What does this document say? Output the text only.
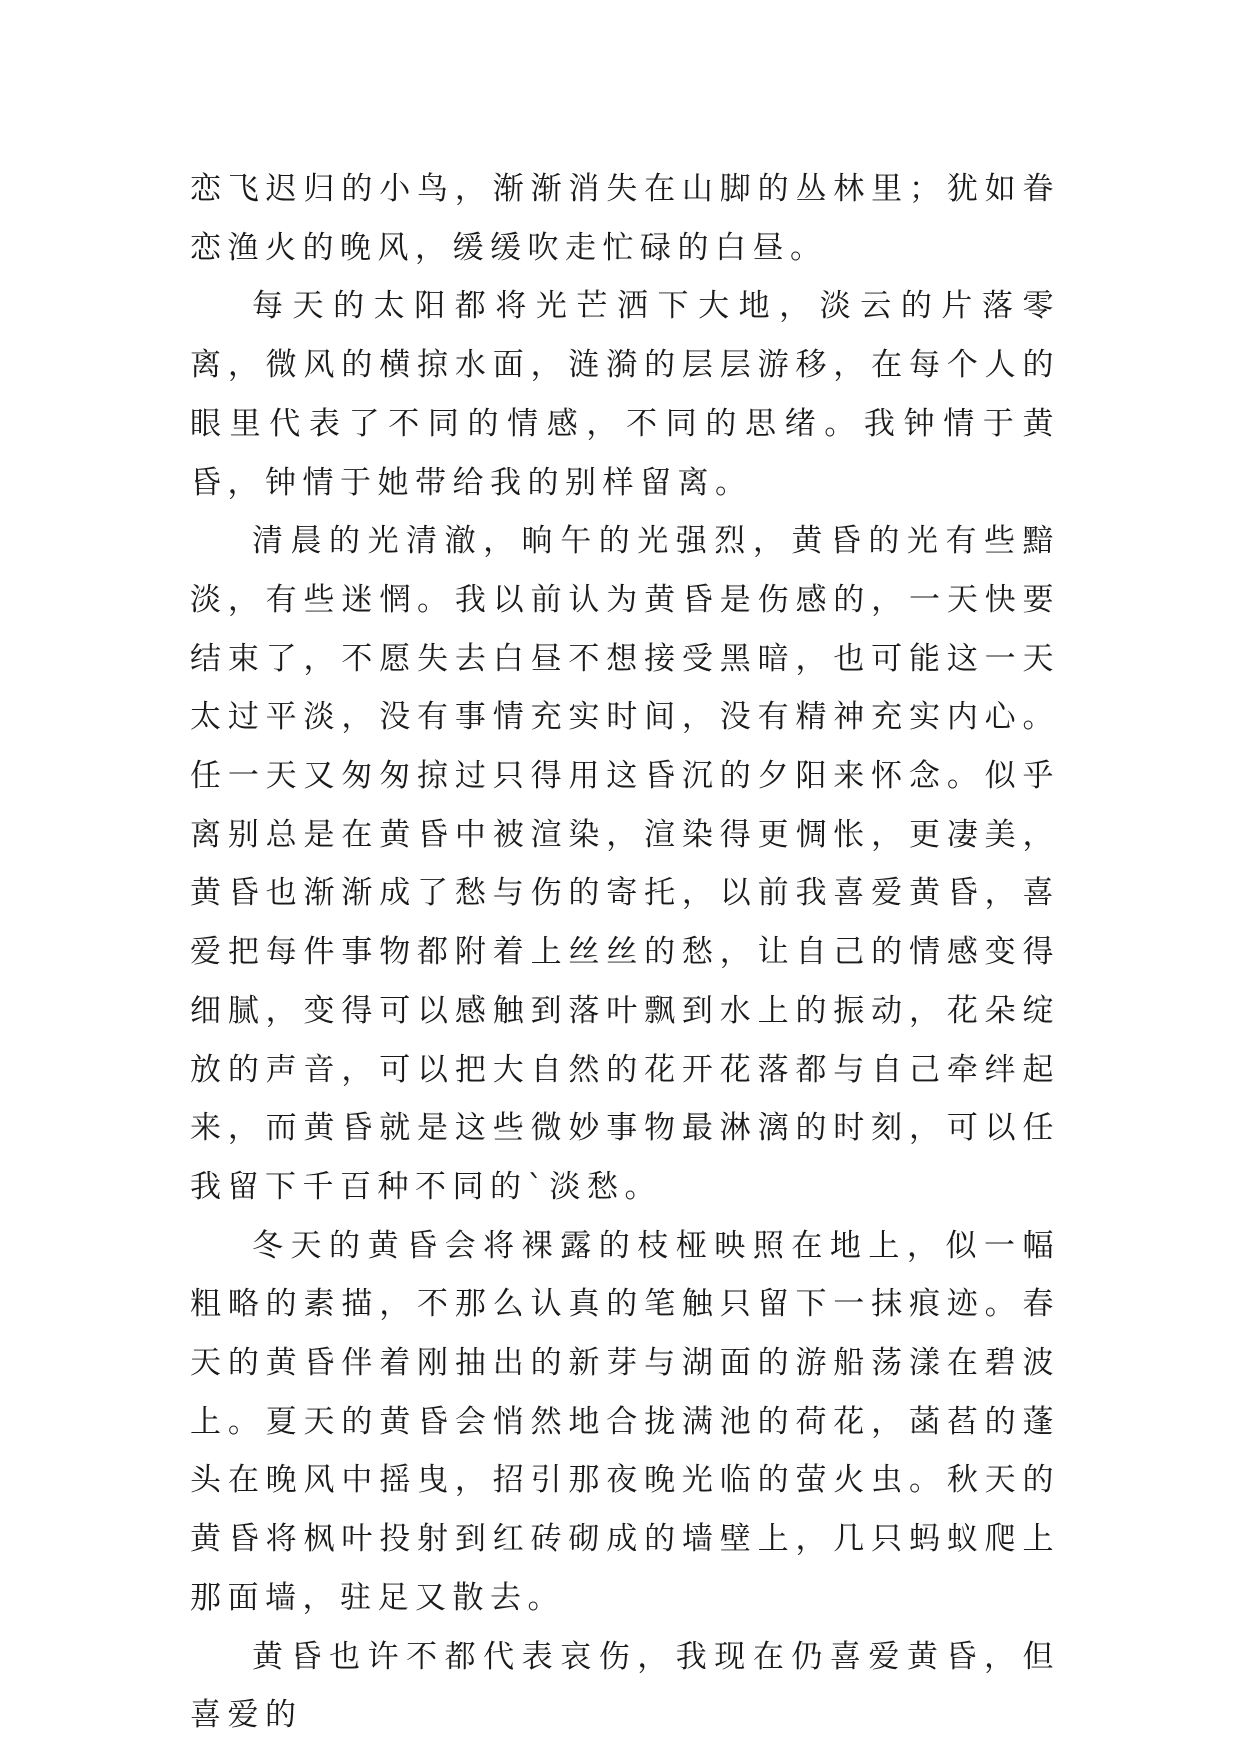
恋飞迟归的小鸟，渐渐消失在山脚的丛林里；犹如眷恋渔火的晚风，缓缓吹走忙碌的白昼。

每天的太阳都将光芒洒下大地，淡云的片落零离，微风的横掠水面，涟漪的层层游移，在每个人的眼里代表了不同的情感，不同的思绪。我钟情于黄昏，钟情于她带给我的别样留离。

清晨的光清澈，晌午的光强烈，黄昏的光有些黯淡，有些迷惘。我以前认为黄昏是伤感的，一天快要结束了，不愿失去白昼不想接受黑暗，也可能这一天太过平淡，没有事情充实时间，没有精神充实内心。任一天又匆匆掠过只得用这昏沉的夕阳来怀念。似乎离别总是在黄昏中被渲染，渲染得更惆怅，更凄美，黄昏也渐渐成了愁与伤的寄托，以前我喜爱黄昏，喜爱把每件事物都附着上丝丝的愁，让自己的情感变得细腻，变得可以感触到落叶飘到水上的振动，花朵绽放的声音，可以把大自然的花开花落都与自己牵绊起来，而黄昏就是这些微妙事物最淋漓的时刻，可以任我留下千百种不同的`淡愁。

冬天的黄昏会将裸露的枝桠映照在地上，似一幅粗略的素描，不那么认真的笔触只留下一抹痕迹。春天的黄昏伴着刚抽出的新芽与湖面的游船荡漾在碧波上。夏天的黄昏会悄然地合拢满池的荷花，菡萏的蓬头在晚风中摇曳，招引那夜晚光临的萤火虫。秋天的黄昏将枫叶投射到红砖砌成的墙壁上，几只蚂蚁爬上那面墙，驻足又散去。

黄昏也许不都代表哀伤，我现在仍喜爱黄昏，但喜爱的
